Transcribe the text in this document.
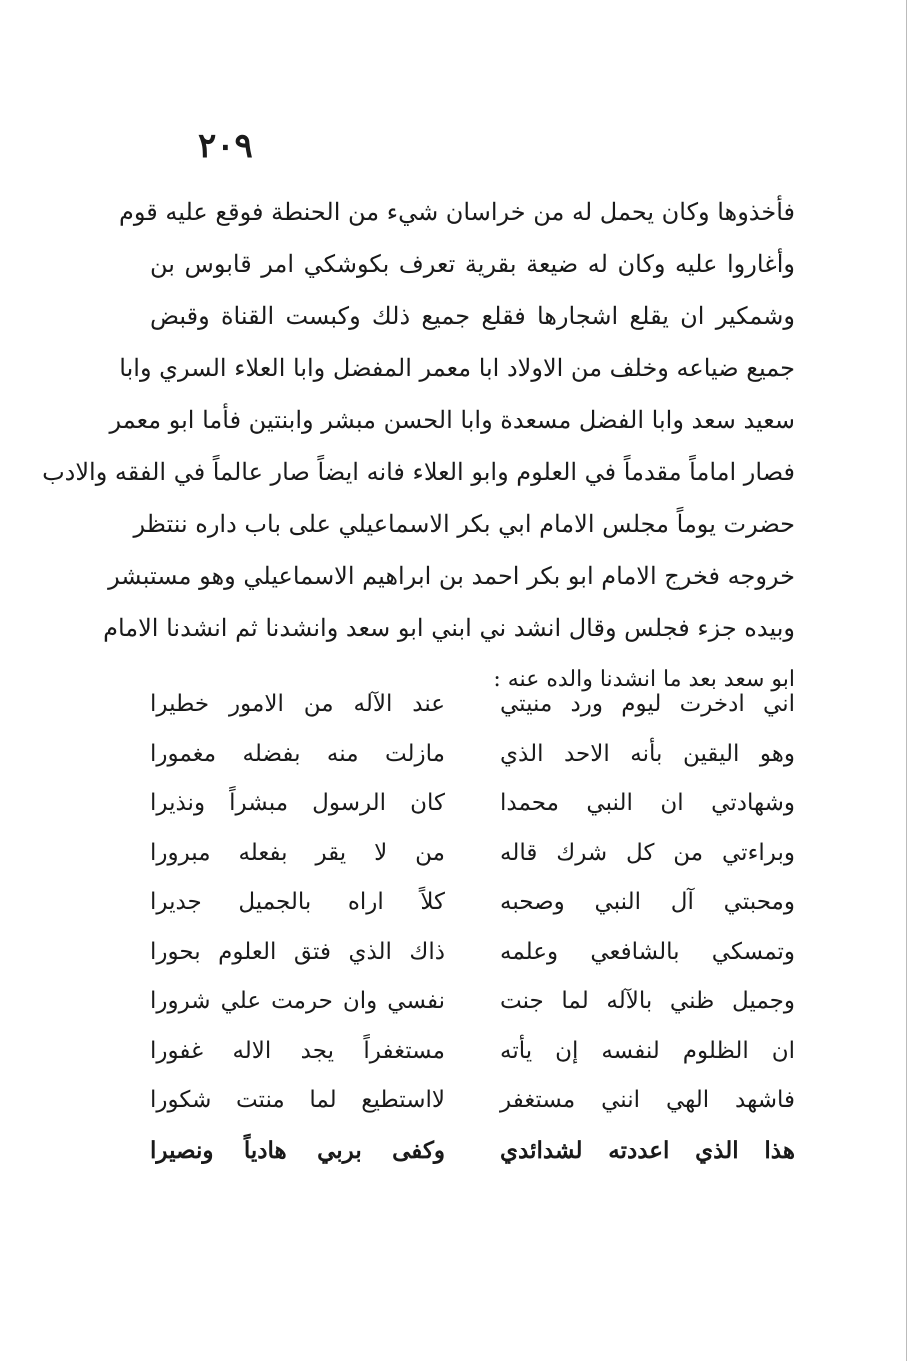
٢٠٩
فأخذوها وكان يحمل له من خراسان شيء من الحنطة فوقع عليه قوم
وأغاروا عليه وكان له ضيعة بقرية تعرف بكوشكي امر قابوس بن
وشمكير ان يقلع اشجارها فقلع جميع ذلك وكبست القناة وقبض
جميع ضياعه وخلف من الاولاد ابا معمر المفضل وابا العلاء السري وابا
سعيد سعد وابا الفضل مسعدة وابا الحسن مبشر وابنتين فأما ابو معمر
فصار اماماً مقدماً في العلوم وابو العلاء فانه ايضاً صار عالماً في الفقه والادب
حضرت يوماً مجلس الامام ابي بكر الاسماعيلي على باب داره ننتظر
خروجه فخرج الامام ابو بكر احمد بن ابراهيم الاسماعيلي وهو مستبشر
وبيده جزء فجلس وقال انشد ني ابني ابو سعد وانشدنا ثم انشدنا الامام
ابو سعد بعد ما انشدنا والده عنه :
اني ادخرت ليوم ورد منيتي
عند الآله من الامور خطيرا
وهو اليقين بأنه الاحد الذي
مازلت منه بفضله مغمورا
وشهادتي ان النبي محمدا
كان الرسول مبشراً ونذيرا
وبراءتي من كل شرك قاله
من لا يقر بفعله مبرورا
ومحبتي آل النبي وصحبه
كلاً اراه بالجميل جديرا
وتمسكي بالشافعي وعلمه
ذاك الذي فتق العلوم بحورا
وجميل ظني بالآله لما جنت
نفسي وان حرمت علي شرورا
ان الظلوم لنفسه إن يأته
مستغفراً يجد الاله غفورا
فاشهد الهي انني مستغفر
لااستطيع لما منتت شكورا
هذا الذي اعددته لشدائدي
وكفى بربي هادياً ونصيرا
